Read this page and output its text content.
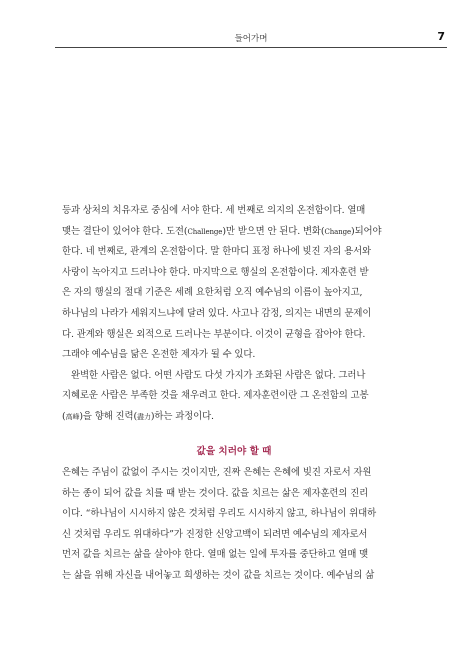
들어가며	7
등과 상처의 치유자로 중심에 서야 한다. 세 번째로 의지의 온전함이다. 열매
맺는 결단이 있어야 한다. 도전(Challenge)만 받으면 안 된다. 변화(Change)되어야
한다. 네 번째로, 관계의 온전함이다. 말 한마디 표정 하나에 빚진 자의 용서와
사랑이 녹아지고 드러나야 한다. 마지막으로 행실의 온전함이다. 제자훈련 받
은 자의 행실의 절대 기준은 세례 요한처럼 오직 예수님의 이름이 높아지고,
하나님의 나라가 세워지느냐에 달려 있다. 사고나 감정, 의지는 내면의 문제이
다. 관계와 행실은 외적으로 드러나는 부분이다. 이것이 균형을 잡아야 한다.
그래야 예수님을 닮은 온전한 제자가 될 수 있다.
완벽한 사람은 없다. 어떤 사람도 다섯 가지가 조화된 사람은 없다. 그러나
지혜로운 사람은 부족한 것을 채우려고 한다. 제자훈련이란 그 온전함의 고봉
(高峰)을 향해 진력(盡力)하는 과정이다.
값을 치러야 할 때
은혜는 주님이 값없이 주시는 것이지만, 진짜 은혜는 은혜에 빚진 자로서 자원
하는 종이 되어 값을 치를 때 받는 것이다. 값을 치르는 삶은 제자훈련의 진리
이다. “하나님이 시시하지 않은 것처럼 우리도 시시하지 않고, 하나님이 위대하
신 것처럼 우리도 위대하다”가 진정한 신앙고백이 되려면 예수님의 제자로서
먼저 값을 치르는 삶을 살아야 한다. 열매 없는 일에 투자를 중단하고 열매 맺
는 삶을 위해 자신을 내어놓고 희생하는 것이 값을 치르는 것이다. 예수님의 삶
